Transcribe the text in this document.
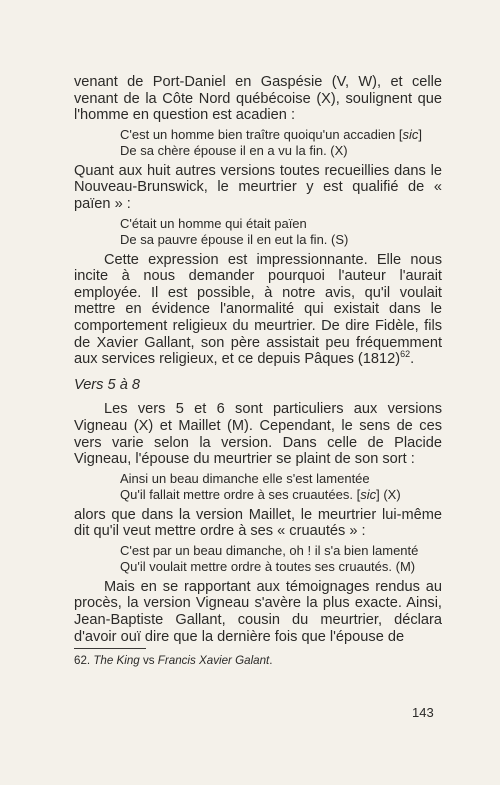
venant de Port-Daniel en Gaspésie (V, W), et celle venant de la Côte Nord québécoise (X), soulignent que l'homme en question est acadien :

C'est un homme bien traître quoiqu'un accadien [sic]
De sa chère épouse il en a vu la fin. (X)

Quant aux huit autres versions toutes recueillies dans le Nouveau-Brunswick, le meurtrier y est qualifié de « païen » :

C'était un homme qui était païen
De sa pauvre épouse il en eut la fin. (S)

Cette expression est impressionnante. Elle nous incite à nous demander pourquoi l'auteur l'aurait employée. Il est possible, à notre avis, qu'il voulait mettre en évidence l'anormalité qui existait dans le comportement religieux du meurtrier. De dire Fidèle, fils de Xavier Gallant, son père assistait peu fréquemment aux services religieux, et ce depuis Pâques $(1812)^{62}$.

Vers 5 à 8

Les vers 5 et 6 sont particuliers aux versions Vigneau (X) et Maillet (M). Cependant, le sens de ces vers varie selon la version. Dans celle de Placide Vigneau, l'épouse du meurtrier se plaint de son sort :

Ainsi un beau dimanche elle s'est lamentée
Qu'il fallait mettre ordre à ses cruautées. [sic] (X)

alors que dans la version Maillet, le meurtrier lui-même dit qu'il veut mettre ordre à ses « cruautés » :

C'est par un beau dimanche, oh ! il s'a bien lamenté
Qu'il voulait mettre ordre à toutes ses cruautés. (M)

Mais en se rapportant aux témoignages rendus au procès, la version Vigneau s'avère la plus exacte. Ainsi, Jean-Baptiste Gallant, cousin du meurtrier, déclara d'avoir ouï dire que la dernière fois que l'épouse de

62. The King vs Francis Xavier Galant.
143
